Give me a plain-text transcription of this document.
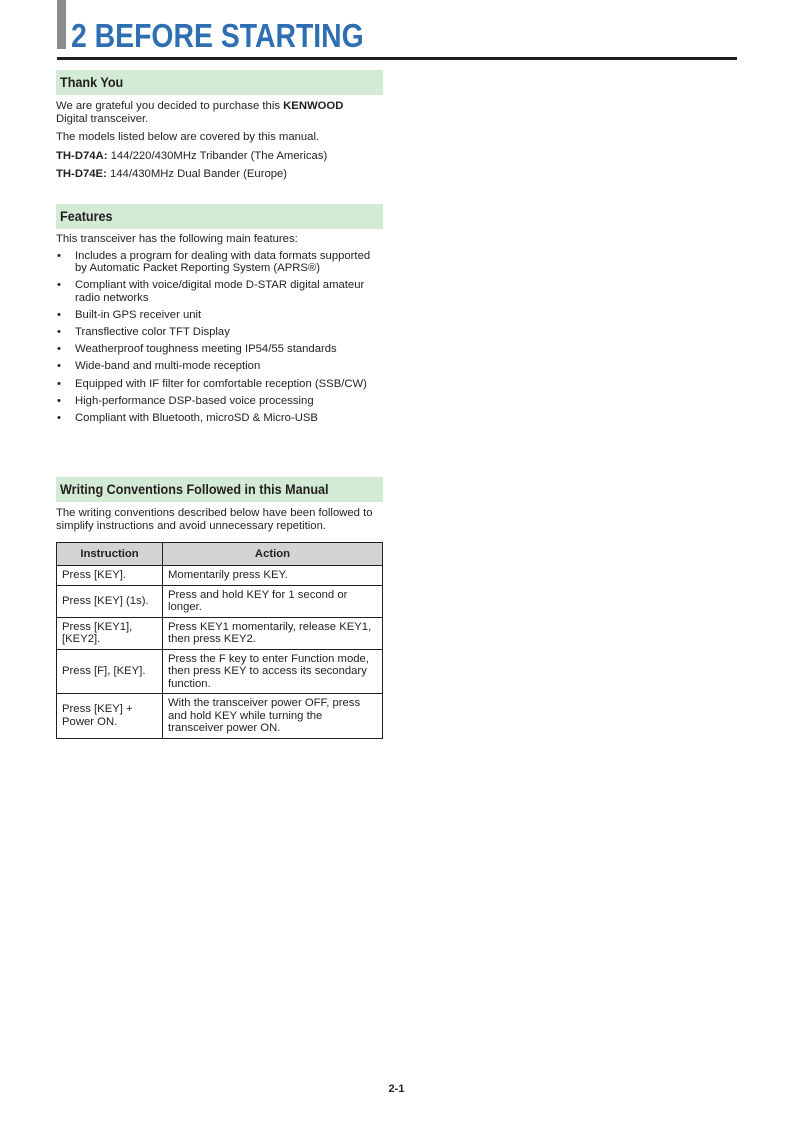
2 BEFORE STARTING
Thank You

We are grateful you decided to purchase this KENWOOD
Digital transceiver.

The models listed below are covered by this manual.

TH-D74A: 144/220/430MHz Tribander (The Americas)

TH-D74E: 144/430MHz Dual Bander (Europe)

Features

This transceiver has the following main features:

• Includes a program for dealing with data formats supported by Automatic Packet Reporting System (APRS®)
• Compliant with voice/digital mode D-STAR digital amateur radio networks
• Built-in GPS receiver unit
• Transflective color TFT Display
• Weatherproof toughness meeting IP54/55 standards
• Wide-band and multi-mode reception
• Equipped with IF filter for comfortable reception (SSB/CW)
• High-performance DSP-based voice processing
• Compliant with Bluetooth, microSD & Micro-USB
Writing Conventions Followed in this Manual

The writing conventions described below have been followed to simplify instructions and avoid unnecessary repetition.

Instruction	Action
Press [KEY].	Momentarily press KEY.
Press [KEY] (1s).	Press and hold KEY for 1 second or longer.
Press [KEY1], [KEY2].	Press KEY1 momentarily, release KEY1, then press KEY2.
Press [F], [KEY].	Press the F key to enter Function mode, then press KEY to access its secondary function.
Press [KEY] + Power ON.	With the transceiver power OFF, press and hold KEY while turning the transceiver power ON.
2-1
